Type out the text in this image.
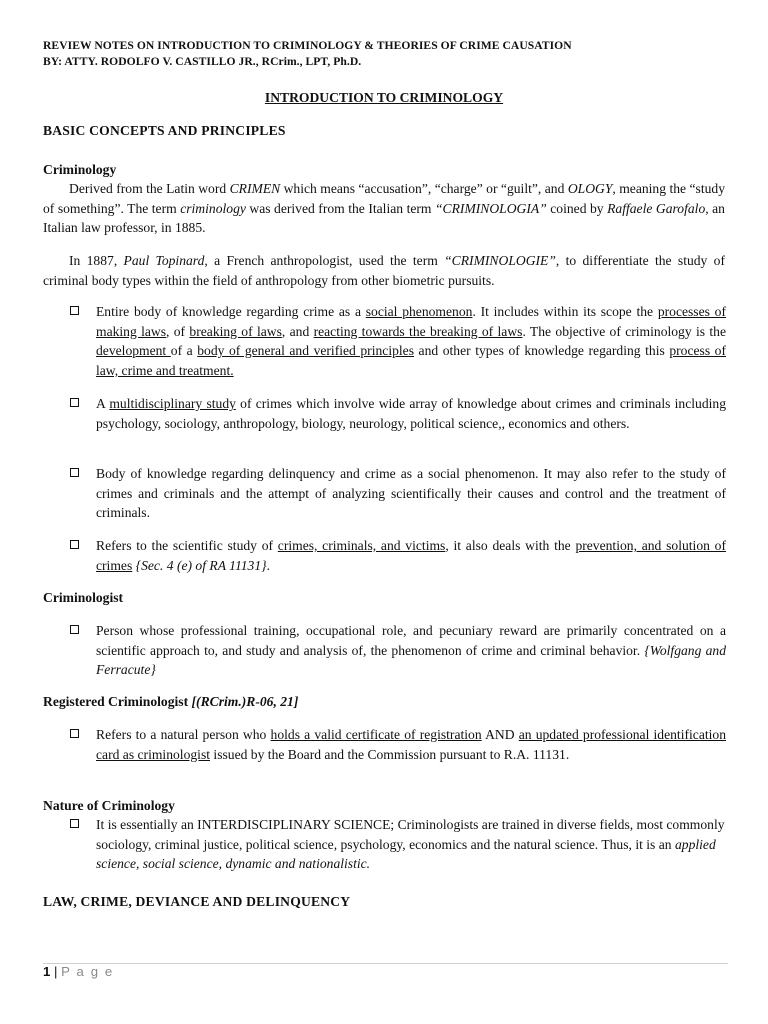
REVIEW NOTES ON INTRODUCTION TO CRIMINOLOGY & THEORIES OF CRIME CAUSATION
BY: ATTY. RODOLFO V. CASTILLO JR., RCrim., LPT, Ph.D.
INTRODUCTION TO CRIMINOLOGY
BASIC CONCEPTS AND PRINCIPLES
Criminology
Derived from the Latin word CRIMEN which means “accusation”, “charge” or “guilt”, and OLOGY, meaning the “study of something”. The term criminology was derived from the Italian term “CRIMINOLOGIA” coined by Raffaele Garofalo, an Italian law professor, in 1885.
In 1887, Paul Topinard, a French anthropologist, used the term “CRIMINOLOGIE”, to differentiate the study of criminal body types within the field of anthropology from other biometric pursuits.
Entire body of knowledge regarding crime as a social phenomenon. It includes within its scope the processes of making laws, of breaking of laws, and reacting towards the breaking of laws. The objective of criminology is the development of a body of general and verified principles and other types of knowledge regarding this process of law, crime and treatment.
A multidisciplinary study of crimes which involve wide array of knowledge about crimes and criminals including psychology, sociology, anthropology, biology, neurology, political science,, economics and others.
Body of knowledge regarding delinquency and crime as a social phenomenon. It may also refer to the study of crimes and criminals and the attempt of analyzing scientifically their causes and control and the treatment of criminals.
Refers to the scientific study of crimes, criminals, and victims, it also deals with the prevention, and solution of crimes {Sec. 4 (e) of RA 11131}.
Criminologist
Person whose professional training, occupational role, and pecuniary reward are primarily concentrated on a scientific approach to, and study and analysis of, the phenomenon of crime and criminal behavior. {Wolfgang and Ferracute}
Registered Criminologist [(RCrim.)R-06, 21]
Refers to a natural person who holds a valid certificate of registration AND an updated professional identification card as criminologist issued by the Board and the Commission pursuant to R.A. 11131.
Nature of Criminology
It is essentially an INTERDISCIPLINARY SCIENCE; Criminologists are trained in diverse fields, most commonly sociology, criminal justice, political science, psychology, economics and the natural science. Thus, it is an applied science, social science, dynamic and nationalistic.
LAW, CRIME, DEVIANCE AND DELINQUENCY
1 | P a g e
